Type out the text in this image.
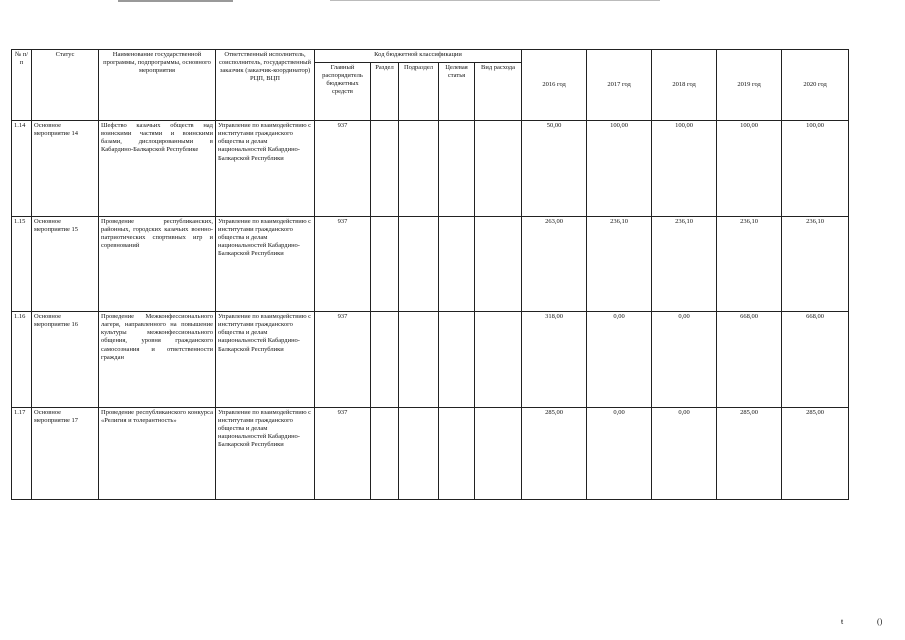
№ п/п	Статус	Наименование государственной программы, подпрограммы, основного мероприятия	Ответственный исполнитель, соисполнитель, государственный заказчик (заказчик-координатор) РЦП, ВЦП	Код бюджетной классификации					2016 год	2017 год	2018 год	2019 год	2020 год
				Главный распорядитель бюджетных средств	Раздел	Подраздел	Целевая статья	Вид расхода					
1.14	Основное мероприятие 14	Шефство казачьих обществ над воинскими частями и воинскими базами, дислоцированными в Кабардино-Балкарской Республике	Управление по взаимодействию с институтами гражданского общества и делам национальностей Кабардино-Балкарской Республики	937					50,00	100,00	100,00	100,00	100,00
1.15	Основное мероприятие 15	Проведение республиканских, районных, городских казачьих военно-патриотических спортивных игр и соревнований	Управление по взаимодействию с институтами гражданского общества и делам национальностей Кабардино-Балкарской Республики	937					263,00	236,10	236,10	236,10	236,10
1.16	Основное мероприятие 16	Проведение Межконфессионального лагеря, направленного на повышение культуры межконфессионального общения, уровня гражданского самосознания и ответственности граждан	Управление по взаимодействию с институтами гражданского общества и делам национальностей Кабардино-Балкарской Республики	937					318,00	0,00	0,00	668,00	668,00
1.17	Основное мероприятие 17	Проведение республиканского конкурса «Религия и толерантность»	Управление по взаимодействию с институтами гражданского общества и делам национальностей Кабардино-Балкарской Республики	937					285,00	0,00	0,00	285,00	285,00
ŧ	()
